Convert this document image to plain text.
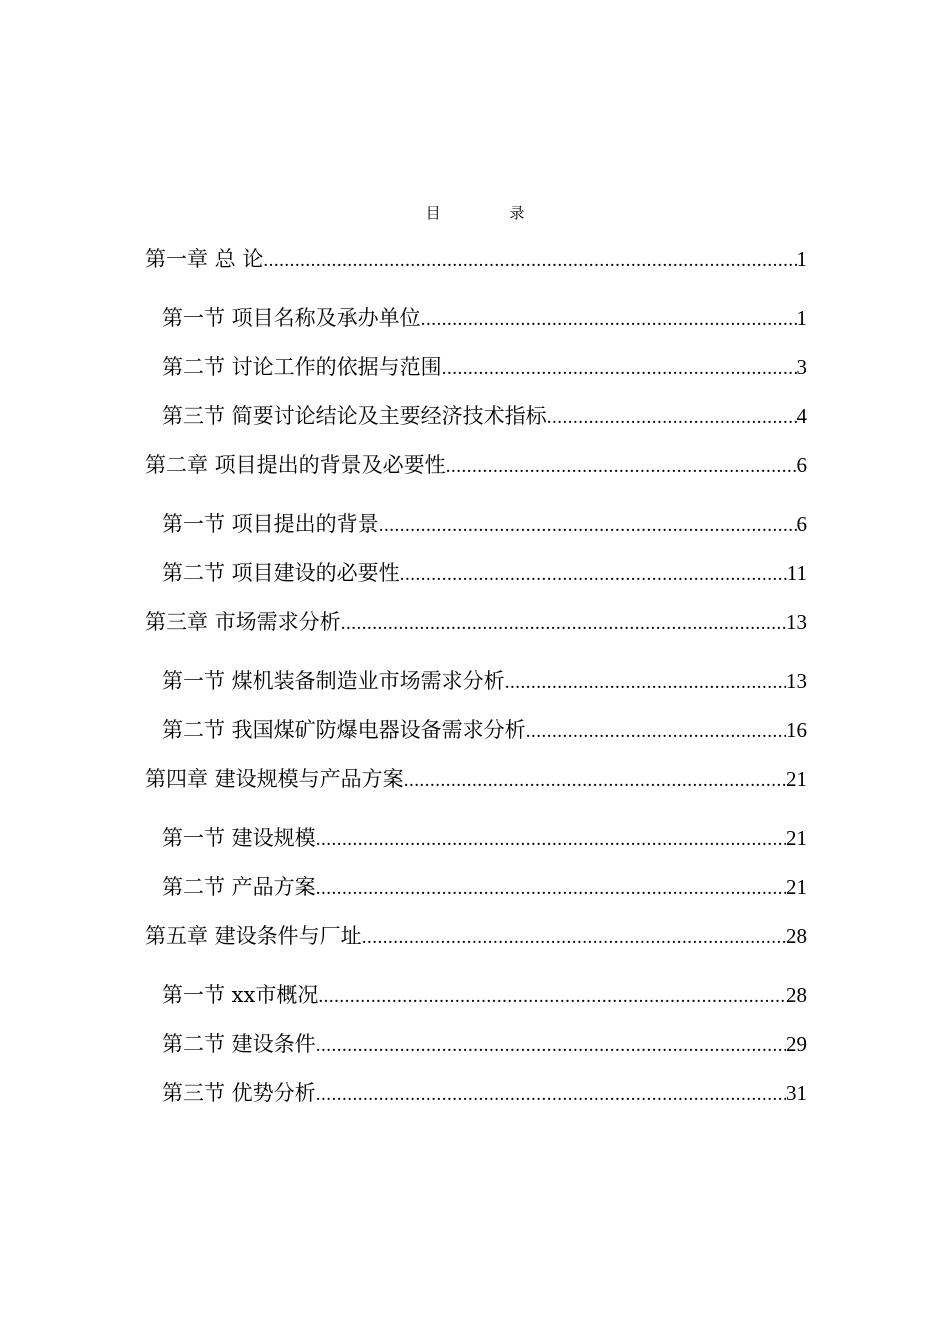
目 录
第一章 总 论 .....	1
第一节 项目名称及承办单位 .....	1
第二节 讨论工作的依据与范围 .....	3
第三节 简要讨论结论及主要经济技术指标 .....	4
第二章 项目提出的背景及必要性 .....	6
第一节 项目提出的背景 .....	6
第二节 项目建设的必要性 .....	11
第三章 市场需求分析 .....	13
第一节 煤机装备制造业市场需求分析 .....	13
第二节 我国煤矿防爆电器设备需求分析 .....	16
第四章 建设规模与产品方案 .....	21
第一节 建设规模 .....	21
第二节 产品方案 .....	21
第五章 建设条件与厂址 .....	28
第一节 xx市概况 .....	28
第二节 建设条件 .....	29
第三节 优势分析 .....	31
